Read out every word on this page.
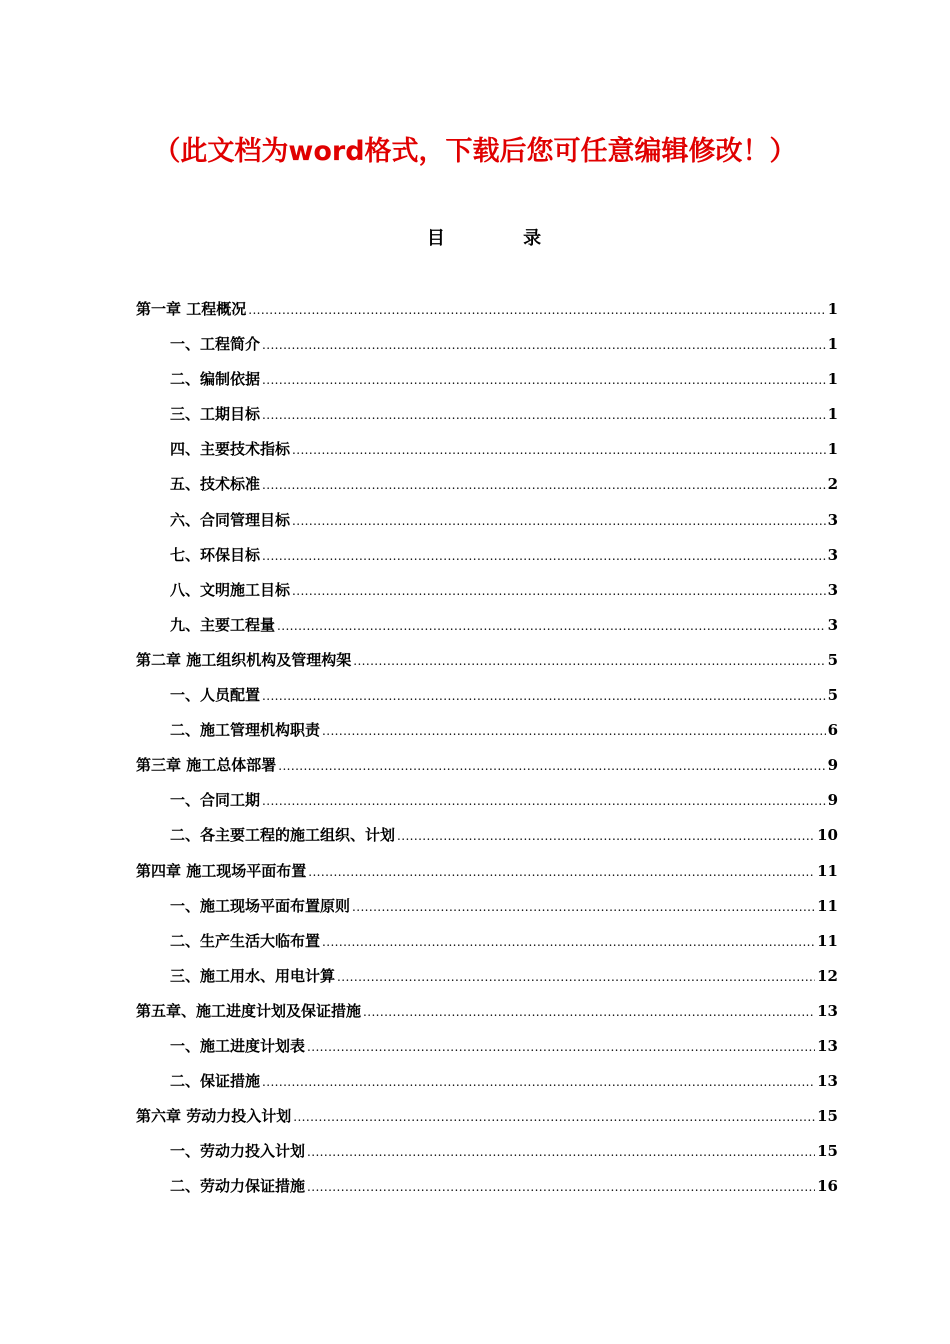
（此文档为word格式，下载后您可任意编辑修改！）
目 录
第一章 工程概况 .....	1
一、工程简介 .....	1
二、编制依据 .....	1
三、工期目标 .....	1
四、主要技术指标 .....	1
五、技术标准 .....	2
六、合同管理目标 .....	3
七、环保目标 .....	3
八、文明施工目标 .....	3
九、主要工程量 .....	3
第二章 施工组织机构及管理构架 .....	5
一、人员配置 .....	5
二、施工管理机构职责 .....	6
第三章 施工总体部署 .....	9
一、合同工期 .....	9
二、各主要工程的施工组织、计划 .....	10
第四章 施工现场平面布置 .....	11
一、施工现场平面布置原则 .....	11
二、生产生活大临布置 .....	11
三、施工用水、用电计算 .....	12
第五章、施工进度计划及保证措施 .....	13
一、施工进度计划表 .....	13
二、保证措施 .....	13
第六章 劳动力投入计划 .....	15
一、劳动力投入计划 .....	15
二、劳动力保证措施 .....	16
